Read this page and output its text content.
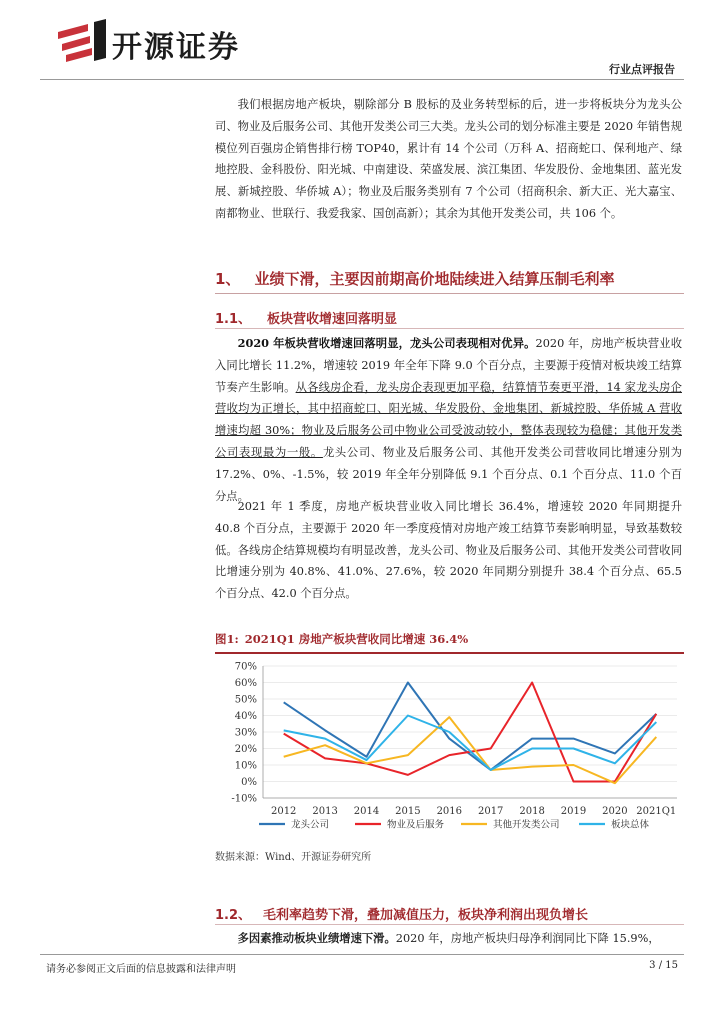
开源证券
行业点评报告
我们根据房地产板块，剔除部分 B 股标的及业务转型标的后，进一步将板块分为龙头公司、物业及后服务公司、其他开发类公司三大类。龙头公司的划分标准主要是 2020 年销售规模位列百强房企销售排行榜 TOP40，累计有 14 个公司（万科 A、招商蛇口、保利地产、绿地控股、金科股份、阳光城、中南建设、荣盛发展、滨江集团、华发股份、金地集团、蓝光发展、新城控股、华侨城 A）；物业及后服务类别有 7 个公司（招商积余、新大正、光大嘉宝、南都物业、世联行、我爱我家、国创高新）；其余为其他开发类公司，共 106 个。
1、 业绩下滑，主要因前期高价地陆续进入结算压制毛利率
1.1、 板块营收增速回落明显
2020 年板块营收增速回落明显，龙头公司表现相对优异。2020 年，房地产板块营业收入同比增长 11.2%，增速较 2019 年全年下降 9.0 个百分点，主要源于疫情对板块竣工结算节奏产生影响。从各线房企看，龙头房企表现更加平稳，结算情节奏更平滑，14 家龙头房企营收均为正增长，其中招商蛇口、阳光城、华发股份、金地集团、新城控股、华侨城 A 营收增速均超 30%；物业及后服务公司中物业公司受波动较小，整体表现较为稳健；其他开发类公司表现最为一般。龙头公司、物业及后服务公司、其他开发类公司营收同比增速分别为 17.2%、0%、-1.5%，较 2019 年全年分别降低 9.1 个百分点、0.1 个百分点、11.0 个百分点。
2021 年 1 季度，房地产板块营业收入同比增长 36.4%，增速较 2020 年同期提升 40.8 个百分点，主要源于 2020 年一季度疫情对房地产竣工结算节奏影响明显，导致基数较低。各线房企结算规模均有明显改善，龙头公司、物业及后服务公司、其他开发类公司营收同比增速分别为 40.8%、41.0%、27.6%，较 2020 年同期分别提升 38.4 个百分点、65.5 个百分点、42.0 个百分点。
图1: 2021Q1 房地产板块营收同比增速 36.4%
-10%
0%
10%
20%
30%
40%
50%
60%
70%
2012 2013 2014 2015 2016 2017 2018 2019 2020 2021Q1
龙头公司	物业及后服务	其他开发类公司	板块总体
数据来源：Wind、开源证券研究所
1.2、 毛利率趋势下滑，叠加减值压力，板块净利润出现负增长
多因素推动板块业绩增速下滑。2020 年，房地产板块归母净利润同比下降 15.9%，
请务必参阅正文后面的信息披露和法律声明	3 / 15
